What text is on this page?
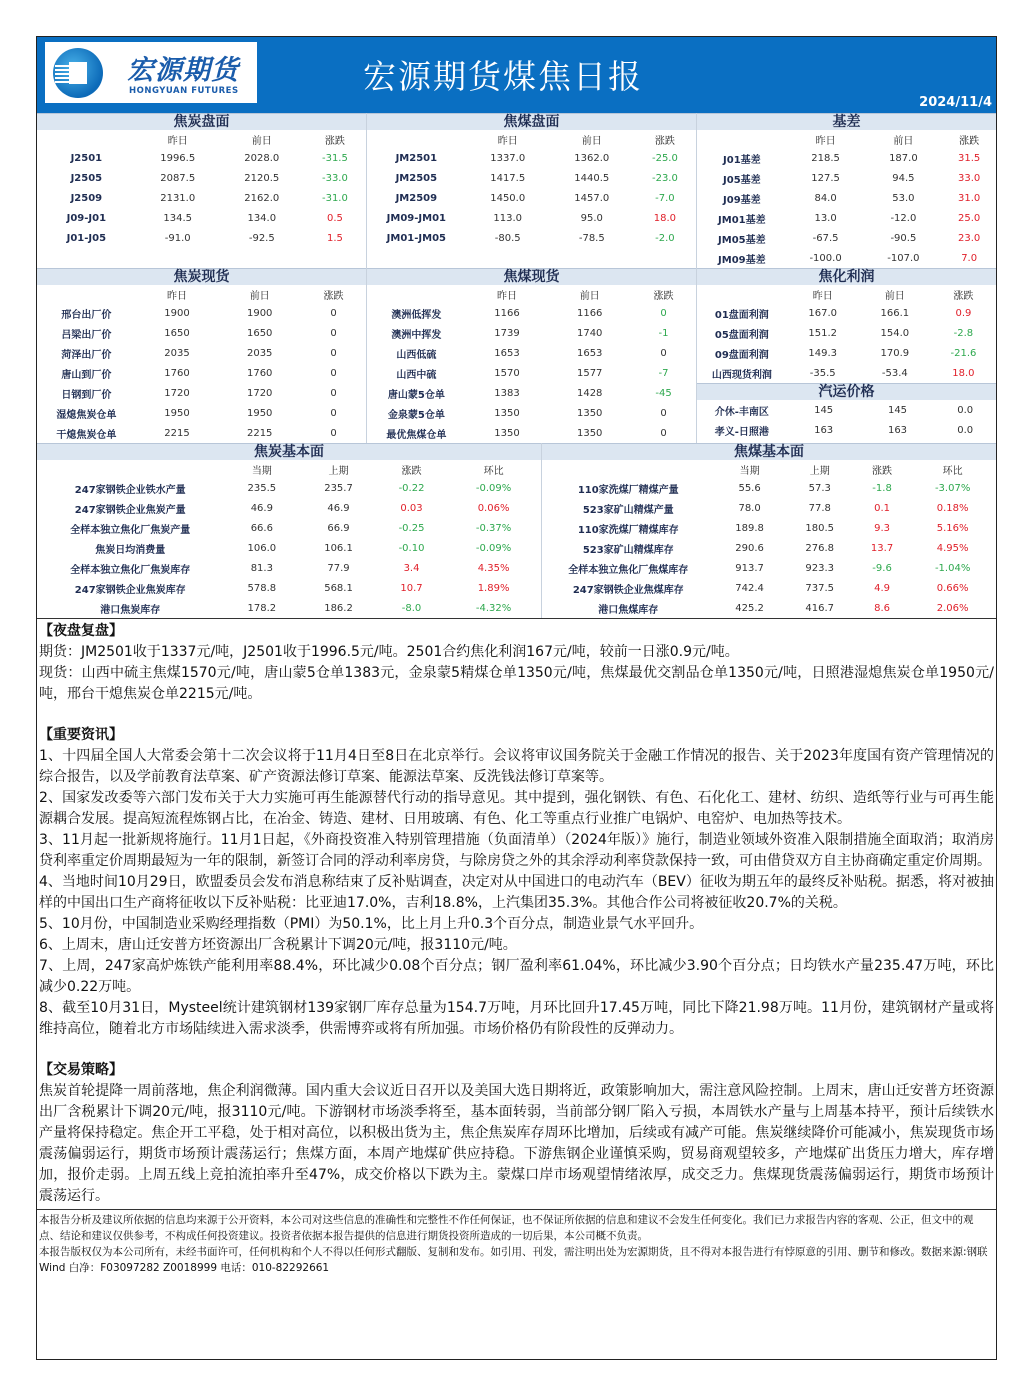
宏源期货
HONGYUAN FUTURES	宏源期货煤焦日报
2024/11/4
焦炭盘面
	昨日	前日	涨跌
J2501	1996.5	2028.0	-31.5
J2505	2087.5	2120.5	-33.0
J2509	2131.0	2162.0	-31.0
J09-J01	134.5	134.0	0.5
J01-J05	-91.0	-92.5	1.5

焦煤盘面
	昨日	前日	涨跌
JM2501	1337.0	1362.0	-25.0
JM2505	1417.5	1440.5	-23.0
JM2509	1450.0	1457.0	-7.0
JM09-JM01	113.0	95.0	18.0
JM01-JM05	-80.5	-78.5	-2.0

基差
	昨日	前日	涨跌
J01基差	218.5	187.0	31.5
J05基差	127.5	94.5	33.0
J09基差	84.0	53.0	31.0
JM01基差	13.0	-12.0	25.0
JM05基差	-67.5	-90.5	23.0
JM09基差	-100.0	-107.0	7.0
焦炭现货
	昨日	前日	涨跌
邢台出厂价	1900	1900	0
吕梁出厂价	1650	1650	0
菏泽出厂价	2035	2035	0
唐山到厂价	1760	1760	0
日钢到厂价	1720	1720	0
湿熄焦炭仓单	1950	1950	0
干熄焦炭仓单	2215	2215	0
焦煤现货
	昨日	前日	涨跌
澳洲低挥发	1166	1166	0
澳洲中挥发	1739	1740	-1
山西低硫	1653	1653	0
山西中硫	1570	1577	-7
唐山蒙5仓单	1383	1428	-45
金泉蒙5仓单	1350	1350	0
最优焦煤仓单	1350	1350	0
焦化利润
	昨日	前日	涨跌
01盘面利润	167.0	166.1	0.9
05盘面利润	151.2	154.0	-2.8
09盘面利润	149.3	170.9	-21.6
山西现货利润	-35.5	-53.4	18.0
汽运价格
介休-丰南区	145	145	0.0
孝义-日照港	163	163	0.0
焦炭基本面
	当期	上期	涨跌	环比
247家钢铁企业铁水产量	235.5	235.7	-0.22	-0.09%
247家钢铁企业焦炭产量	46.9	46.9	0.03	0.06%
全样本独立焦化厂焦炭产量	66.6	66.9	-0.25	-0.37%
焦炭日均消费量	106.0	106.1	-0.10	-0.09%
全样本独立焦化厂焦炭库存	81.3	77.9	3.4	4.35%
247家钢铁企业焦炭库存	578.8	568.1	10.7	1.89%
港口焦炭库存	178.2	186.2	-8.0	-4.32%
焦煤基本面
	当期	上期	涨跌	环比
110家洗煤厂精煤产量	55.6	57.3	-1.8	-3.07%
523家矿山精煤产量	78.0	77.8	0.1	0.18%
110家洗煤厂精煤库存	189.8	180.5	9.3	5.16%
523家矿山精煤库存	290.6	276.8	13.7	4.95%
全样本独立焦化厂焦煤库存	913.7	923.3	-9.6	-1.04%
247家钢铁企业焦煤库存	742.4	737.5	4.9	0.66%
港口焦煤库存	425.2	416.7	8.6	2.06%
【夜盘复盘】

期货：JM2501收于1337元/吨，J2501收于1996.5元/吨。2501合约焦化利润167元/吨，较前一日涨0.9元/吨。

现货：山西中硫主焦煤1570元/吨，唐山蒙5仓单1383元，金泉蒙5精煤仓单1350元/吨，焦煤最优交割品仓单1350元/吨，日照港湿熄焦炭仓单1950元/吨，邢台干熄焦炭仓单2215元/吨。

【重要资讯】

1、十四届全国人大常委会第十二次会议将于11月4日至8日在北京举行。会议将审议国务院关于金融工作情况的报告、关于2023年度国有资产管理情况的综合报告，以及学前教育法草案、矿产资源法修订草案、能源法草案、反洗钱法修订草案等。

2、国家发改委等六部门发布关于大力实施可再生能源替代行动的指导意见。其中提到，强化钢铁、有色、石化化工、建材、纺织、造纸等行业与可再生能源耦合发展。提高短流程炼钢占比，在冶金、铸造、建材、日用玻璃、有色、化工等重点行业推广电锅炉、电窑炉、电加热等技术。

3、11月起一批新规将施行。11月1日起，《外商投资准入特别管理措施（负面清单）（2024年版）》施行，制造业领域外资准入限制措施全面取消；取消房贷利率重定价周期最短为一年的限制，新签订合同的浮动利率房贷，与除房贷之外的其余浮动利率贷款保持一致，可由借贷双方自主协商确定重定价周期。

4、当地时间10月29日，欧盟委员会发布消息称结束了反补贴调查，决定对从中国进口的电动汽车（BEV）征收为期五年的最终反补贴税。据悉，将对被抽样的中国出口生产商将征收以下反补贴税：比亚迪17.0%，吉利18.8%，上汽集团35.3%。其他合作公司将被征收20.7%的关税。

5、10月份，中国制造业采购经理指数（PMI）为50.1%，比上月上升0.3个百分点，制造业景气水平回升。

6、上周末，唐山迁安普方坯资源出厂含税累计下调20元/吨，报3110元/吨。

7、上周，247家高炉炼铁产能利用率88.4%，环比减少0.08个百分点；钢厂盈利率61.04%，环比减少3.90个百分点；日均铁水产量235.47万吨，环比减少0.22万吨。

8、截至10月31日，Mysteel统计建筑钢材139家钢厂库存总量为154.7万吨，月环比回升17.45万吨，同比下降21.98万吨。11月份，建筑钢材产量或将维持高位，随着北方市场陆续进入需求淡季，供需博弈或将有所加强。市场价格仍有阶段性的反弹动力。

【交易策略】

焦炭首轮提降一周前落地，焦企利润微薄。国内重大会议近日召开以及美国大选日期将近，政策影响加大，需注意风险控制。上周末，唐山迁安普方坯资源出厂含税累计下调20元/吨，报3110元/吨。下游钢材市场淡季将至，基本面转弱，当前部分钢厂陷入亏损，本周铁水产量与上周基本持平，预计后续铁水产量将保持稳定。焦企开工平稳，处于相对高位，以积极出货为主，焦企焦炭库存周环比增加，后续或有减产可能。焦炭继续降价可能减小，焦炭现货市场震荡偏弱运行，期货市场预计震荡运行；焦煤方面，本周产地煤矿供应持稳。下游焦钢企业谨慎采购，贸易商观望较多，产地煤矿出货压力增大，库存增加，报价走弱。上周五线上竞拍流拍率升至47%，成交价格以下跌为主。蒙煤口岸市场观望情绪浓厚，成交乏力。焦煤现货震荡偏弱运行，期货市场预计震荡运行。

本报告分析及建议所依据的信息均来源于公开资料，本公司对这些信息的准确性和完整性不作任何保证，也不保证所依据的信息和建议不会发生任何变化。我们已力求报告内容的客观、公正，但文中的观点、结论和建议仅供参考，不构成任何投资建议。投资者依据本报告提供的信息进行期货投资所造成的一切后果，本公司概不负责。

本报告版权仅为本公司所有，未经书面许可，任何机构和个人不得以任何形式翻版、复制和发布。如引用、刊发，需注明出处为宏源期货，且不得对本报告进行有悖原意的引用、删节和修改。数据来源:钢联 Wind 白净：F03097282 Z0018999 电话：010-82292661
